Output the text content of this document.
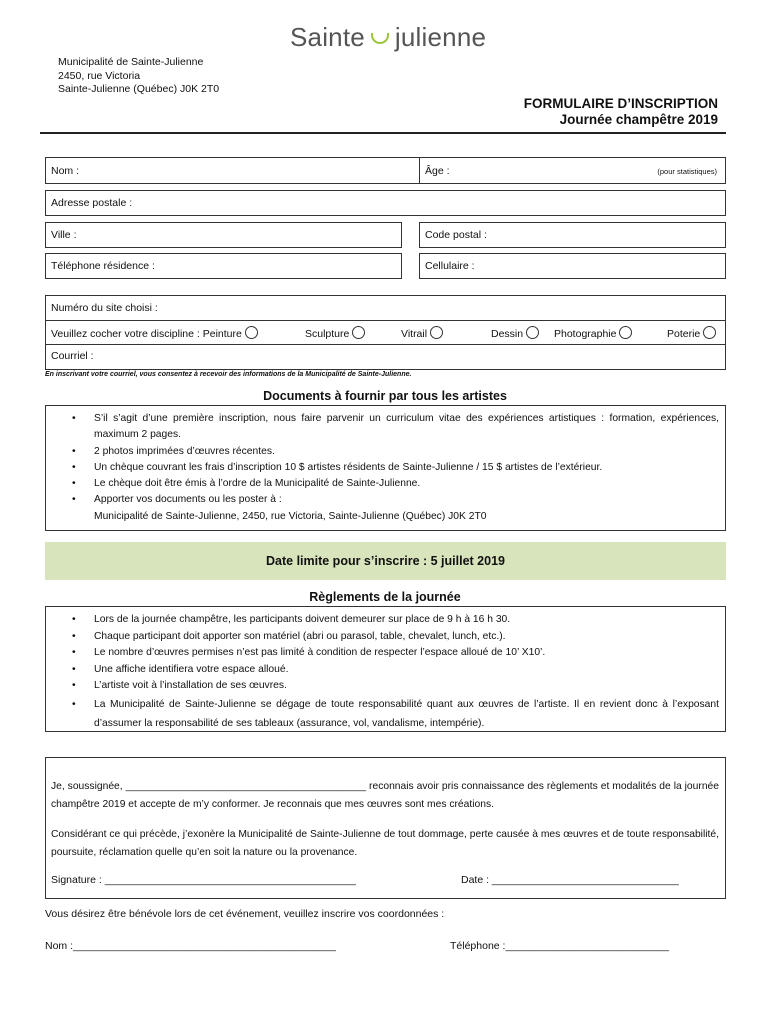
Sainte julienne
Municipalité de Sainte-Julienne
2450, rue Victoria
Sainte-Julienne (Québec) J0K 2T0
FORMULAIRE D’INSCRIPTION
Journée champêtre 2019
Nom :	Âge :	(pour statistiques)
Adresse postale :
Ville :	Code postal :
Téléphone résidence :	Cellulaire :
Numéro du site choisi :
Veuillez cocher votre discipline : Peinture	Sculpture	Vitrail	Dessin	Photographie	Poterie
Courriel :
En inscrivant votre courriel, vous consentez à recevoir des informations de la Municipalité de Sainte-Julienne.
Documents à fournir par tous les artistes
• S’il s’agit d’une première inscription, nous faire parvenir un curriculum vitae des expériences artistiques : formation, expériences, maximum 2 pages.
• 2 photos imprimées d’œuvres récentes.
• Un chèque couvrant les frais d’inscription 10 $ artistes résidents de Sainte-Julienne / 15 $ artistes de l’extérieur.
• Le chèque doit être émis à l’ordre de la Municipalité de Sainte-Julienne.
• Apporter vos documents ou les poster à :
Municipalité de Sainte-Julienne, 2450, rue Victoria, Sainte-Julienne (Québec) J0K 2T0
Date limite pour s’inscrire : 5 juillet 2019
Règlements de la journée
• Lors de la journée champêtre, les participants doivent demeurer sur place de 9 h à 16 h 30.
• Chaque participant doit apporter son matériel (abri ou parasol, table, chevalet, lunch, etc.).
• Le nombre d’œuvres permises n’est pas limité à condition de respecter l’espace alloué de 10’ X10’.
• Une affiche identifiera votre espace alloué.
• L’artiste voit à l’installation de ses œuvres.
• La Municipalité de Sainte-Julienne se dégage de toute responsabilité quant aux œuvres de l’artiste. Il en revient donc à l’exposant d’assumer la responsabilité de ses tableaux (assurance, vol, vandalisme, intempérie).

Je, soussignée, __________________________________________ reconnais avoir pris connaissance des règlements et modalités de la journée champêtre 2019 et accepte de m’y conformer. Je reconnais que mes œuvres sont mes créations.

Considérant ce qui précède, j’exonère la Municipalité de Sainte-Julienne de tout dommage, perte causée à mes œuvres et de toute responsabilité, poursuite, réclamation quelle qu’en soit la nature ou la provenance.

Signature : ___________________________________________	Date : ________________________________
Vous désirez être bénévole lors de cet événement, veuillez inscrire vos coordonnées :
Nom :_____________________________________________	Téléphone :____________________________
